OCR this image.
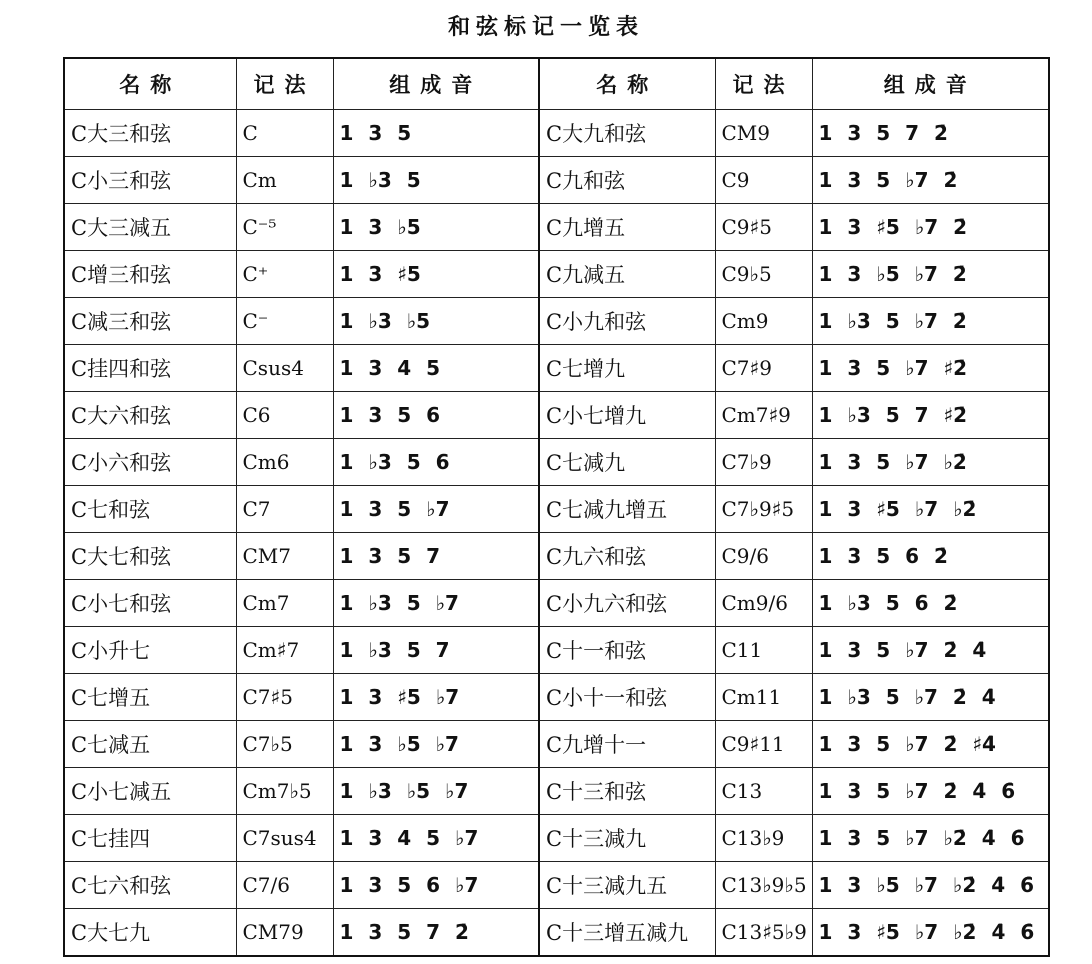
和弦标记一览表
名称	记法	组成音	名称	记法	组成音
C大三和弦	C	1 3 5	C大九和弦	CM9	1 3 5 7 2̇
C小三和弦	Cm	1 ♭3 5	C九和弦	C9	1 3 5 ♭7 2̇
C大三减五	C⁻⁵	1 3 ♭5	C九增五	C9♯5	1 3 ♯5 ♭7 2̇
C增三和弦	C⁺	1 3 ♯5	C九减五	C9♭5	1 3 ♭5 ♭7 2̇
C减三和弦	C⁻	1 ♭3 ♭5	C小九和弦	Cm9	1 ♭3 5 ♭7 2̇
C挂四和弦	Csus4	1 3 4 5	C七增九	C7♯9	1 3 5 ♭7 ♯2̇
C大六和弦	C6	1 3 5 6	C小七增九	Cm7♯9	1 ♭3 5 7 ♯2̇
C小六和弦	Cm6	1 ♭3 5 6	C七减九	C7♭9	1 3 5 ♭7 ♭2̇
C七和弦	C7	1 3 5 ♭7	C七减九增五	C7♭9♯5	1 3 ♯5 ♭7 ♭2̇
C大七和弦	CM7	1 3 5 7	C九六和弦	C9/6	1 3 5 6 2̇
C小七和弦	Cm7	1 ♭3 5 ♭7	C小九六和弦	Cm9/6	1 ♭3 5 6 2̇
C小升七	Cm♯7	1 ♭3 5 7	C十一和弦	C11	1 3 5 ♭7 2̇ 4̇
C七增五	C7♯5	1 3 ♯5 ♭7	C小十一和弦	Cm11	1 ♭3 5 ♭7 2̇ 4̇
C七减五	C7♭5	1 3 ♭5 ♭7	C九增十一	C9♯11	1 3 5 ♭7 2̇ ♯4̇
C小七减五	Cm7♭5	1 ♭3 ♭5 ♭7	C十三和弦	C13	1 3 5 ♭7 2̇ 4̇ 6̇
C七挂四	C7sus4	1 3 4 5 ♭7	C十三减九	C13♭9	1 3 5 ♭7 ♭2̇ 4̇ 6̇
C七六和弦	C7/6	1 3 5 6 ♭7	C十三减九五	C13♭9♭5	1 3 ♭5 ♭7 ♭2̇ 4̇ 6̇
C大七九	CM79	1 3 5 7 2̇	C十三增五减九	C13♯5♭9	1 3 ♯5 ♭7 ♭2̇ 4̇ 6̇
